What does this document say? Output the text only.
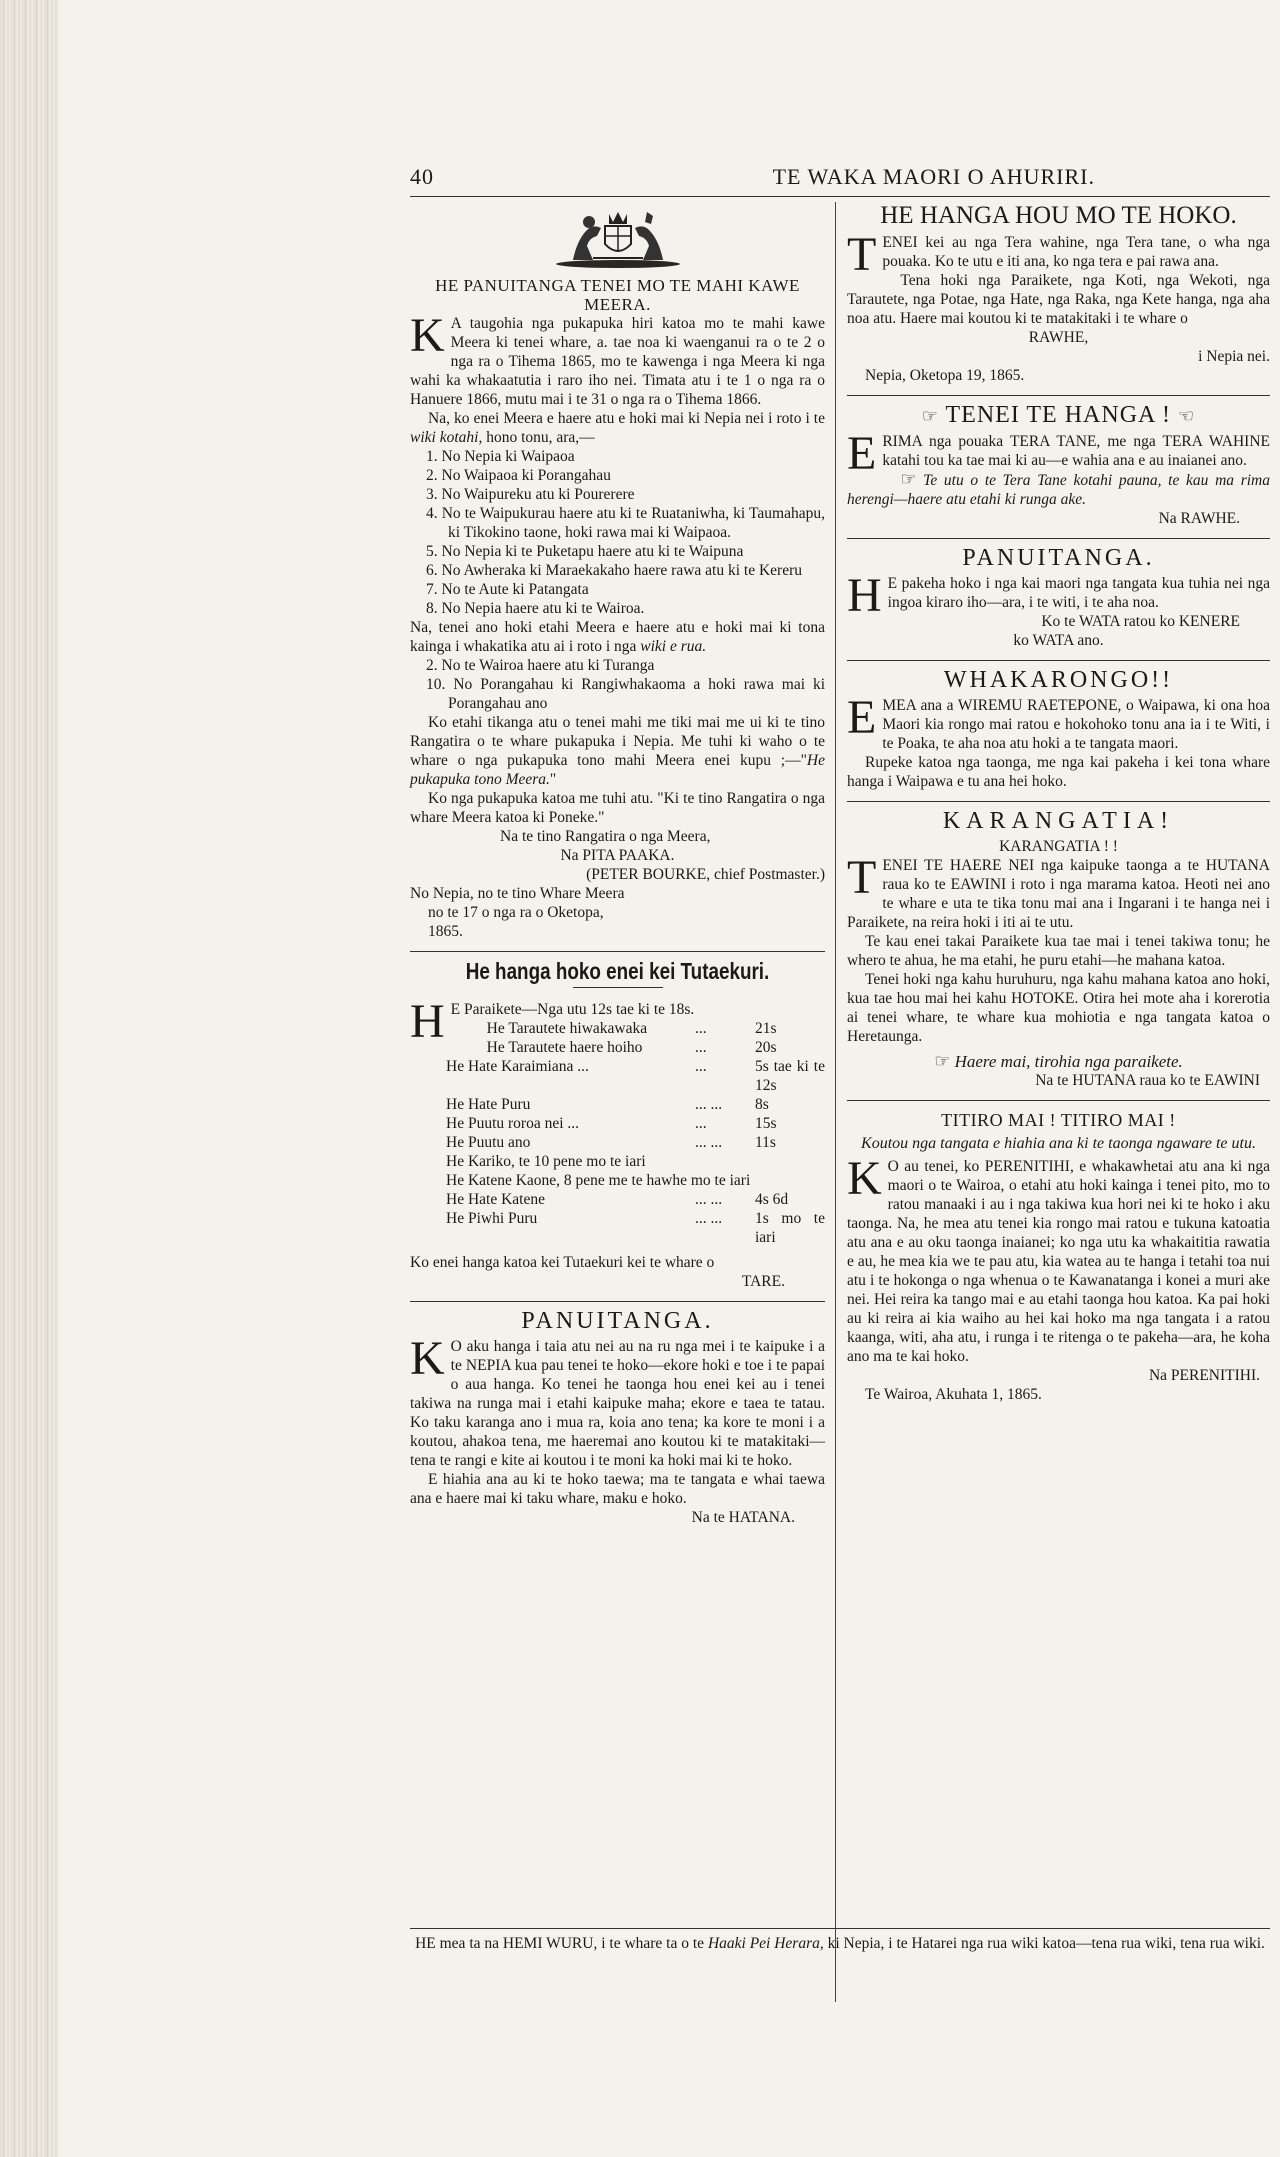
40	TE WAKA MAORI O AHURIRI.

HE PANUITANGA TENEI MO TE MAHI KAWE MEERA.

K A taugohia nga pukapuka hiri katoa mo te mahi kawe Meera ki tenei whare, a. tae noa ki waenganui ra o te 2 o nga ra o Tihema 1865, mo te kawenga i nga Meera ki nga wahi ka whakaatutia i raro iho nei. Timata atu i te 1 o nga ra o Hanuere 1866, mutu mai i te 31 o nga ra o Tihema 1866.

Na, ko enei Meera e haere atu e hoki mai ki Nepia nei i roto i te wiki kotahi, hono tonu, ara,—

1. No Nepia ki Waipaoa

2. No Waipaoa ki Porangahau

3. No Waipureku atu ki Pourerere

4. No te Waipukurau haere atu ki te Ruataniwha, ki Taumahapu, ki Tikokino taone, hoki rawa mai ki Waipaoa.

5. No Nepia ki te Puketapu haere atu ki te Waipuna

6. No Awheraka ki Maraekakaho haere rawa atu ki te Kereru

7. No te Aute ki Patangata

8. No Nepia haere atu ki te Wairoa.

Na, tenei ano hoki etahi Meera e haere atu e hoki mai ki tona kainga i whakatika atu ai i roto i nga wiki e rua.

2. No te Wairoa haere atu ki Turanga

10. No Porangahau ki Rangiwhakaoma a hoki rawa mai ki Porangahau ano

Ko etahi tikanga atu o tenei mahi me tiki mai me ui ki te tino Rangatira o te whare pukapuka i Nepia. Me tuhi ki waho o te whare o nga pukapuka tono mahi Meera enei kupu ;—"He pukapuka tono Meera."

Ko nga pukapuka katoa me tuhi atu. "Ki te tino Rangatira o nga whare Meera katoa ki Poneke."

Na te tino Rangatira o nga Meera,

Na PITA PAAKA.

(PETER BOURKE, chief Postmaster.)

No Nepia, no te tino Whare Meera

no te 17 o nga ra o Oketopa,

1865.

He hanga hoko enei kei Tutaekuri.

H E Paraikete—Nga utu 12s tae ki te 18s.

He Tarautete hiwakawaka	...	21s
He Tarautete haere hoiho	...	20s
He Hate Karaimiana ...	...	5s tae ki te 12s
He Hate Puru	... ...	8s
He Puutu roroa nei ...	...	15s
He Puutu ano	... ...	11s
He Kariko, te 10 pene mo te iari
He Katene Kaone, 8 pene me te hawhe mo te iari
He Hate Katene	... ...	4s 6d
He Piwhi Puru	... ...	1s mo te iari

Ko enei hanga katoa kei Tutaekuri kei te whare o

TARE.

PANUITANGA.

K O aku hanga i taia atu nei au na ru nga mei i te kaipuke i a te NEPIA kua pau tenei te hoko—ekore hoki e toe i te papai o aua hanga. Ko tenei he taonga hou enei kei au i tenei takiwa na runga mai i etahi kaipuke maha; ekore e taea te tatau. Ko taku karanga ano i mua ra, koia ano tena; ka kore te moni i a koutou, ahakoa tena, me haeremai ano koutou ki te matakitaki—tena te rangi e kite ai koutou i te moni ka hoki mai ki te hoko.

E hiahia ana au ki te hoko taewa; ma te tangata e whai taewa ana e haere mai ki taku whare, maku e hoko.

Na te HATANA.

HE HANGA HOU MO TE HOKO.

TENEI kei au nga Tera wahine, nga Tera tane, o wha nga pouaka. Ko te utu e iti ana, ko nga tera e pai rawa ana.

Tena hoki nga Paraikete, nga Koti, nga Wekoti, nga Tarautete, nga Potae, nga Hate, nga Raka, nga Kete hanga, nga aha noa atu. Haere mai koutou ki te matakitaki i te whare o

RAWHE,

i Nepia nei.

Nepia, Oketopa 19, 1865.

☞ TENEI TE HANGA ! ☜

ERIMA nga pouaka TERA TANE, me nga TERA WAHINE katahi tou ka tae mai ki au—e wahia ana e au inaianei ano.

☞ Te utu o te Tera Tane kotahi pauna, te kau ma rima herengi—haere atu etahi ki runga ake.

Na RAWHE.

PANUITANGA.

H E pakeha hoko i nga kai maori nga tangata kua tuhia nei nga ingoa kiraro iho—ara, i te witi, i te aha noa.

Ko te WATA ratou ko KENERE

ko WATA ano.

WHAKARONGO!!

EMEA ana a WIREMU RAETEPONE, o Waipawa, ki ona hoa Maori kia rongo mai ratou e hokohoko tonu ana ia i te Witi, i te Poaka, te aha noa atu hoki a te tangata maori.

Rupeke katoa nga taonga, me nga kai pakeha i kei tona whare hanga i Waipawa e tu ana hei hoko.

KARANGATIA!

KARANGATIA ! !

TENEI TE HAERE NEI nga kaipuke taonga a te HUTANA raua ko te EAWINI i roto i nga marama katoa. Heoti nei ano te whare e uta te tika tonu mai ana i Ingarani i te hanga nei i Paraikete, na reira hoki i iti ai te utu.

Te kau enei takai Paraikete kua tae mai i tenei takiwa tonu; he whero te ahua, he ma etahi, he puru etahi—he mahana katoa.

Tenei hoki nga kahu huruhuru, nga kahu mahana katoa ano hoki, kua tae hou mai hei kahu HOTOKE. Otira hei mote aha i korerotia ai tenei whare, te whare kua mohiotia e nga tangata katoa o Heretaunga.

☞ Haere mai, tirohia nga paraikete.

Na te HUTANA raua ko te EAWINI

TITIRO MAI ! TITIRO MAI !

Koutou nga tangata e hiahia ana ki te taonga ngaware te utu.

K O au tenei, ko PERENITIHI, e whakawhetai atu ana ki nga maori o te Wairoa, o etahi atu hoki kainga i tenei pito, mo to ratou manaaki i au i nga takiwa kua hori nei ki te hoko i aku taonga. Na, he mea atu tenei kia rongo mai ratou e tukuna katoatia atu ana e au oku taonga inaianei; ko nga utu ka whakaititia rawatia e au, he mea kia we te pau atu, kia watea au te hanga i tetahi toa nui atu i te hokonga o nga whenua o te Kawanatanga i konei a muri ake nei. Hei reira ka tango mai e au etahi taonga hou katoa. Ka pai hoki au ki reira ai kia waiho au hei kai hoko ma nga tangata i a ratou kaanga, witi, aha atu, i runga i te ritenga o te pakeha—ara, he koha ano ma te kai hoko.

Na PERENITIHI.

Te Wairoa, Akuhata 1, 1865.

HE mea ta na HEMI WURU, i te whare ta o te Haaki Pei Herara, ki Nepia, i te Hatarei nga rua wiki katoa—tena rua wiki, tena rua wiki.
